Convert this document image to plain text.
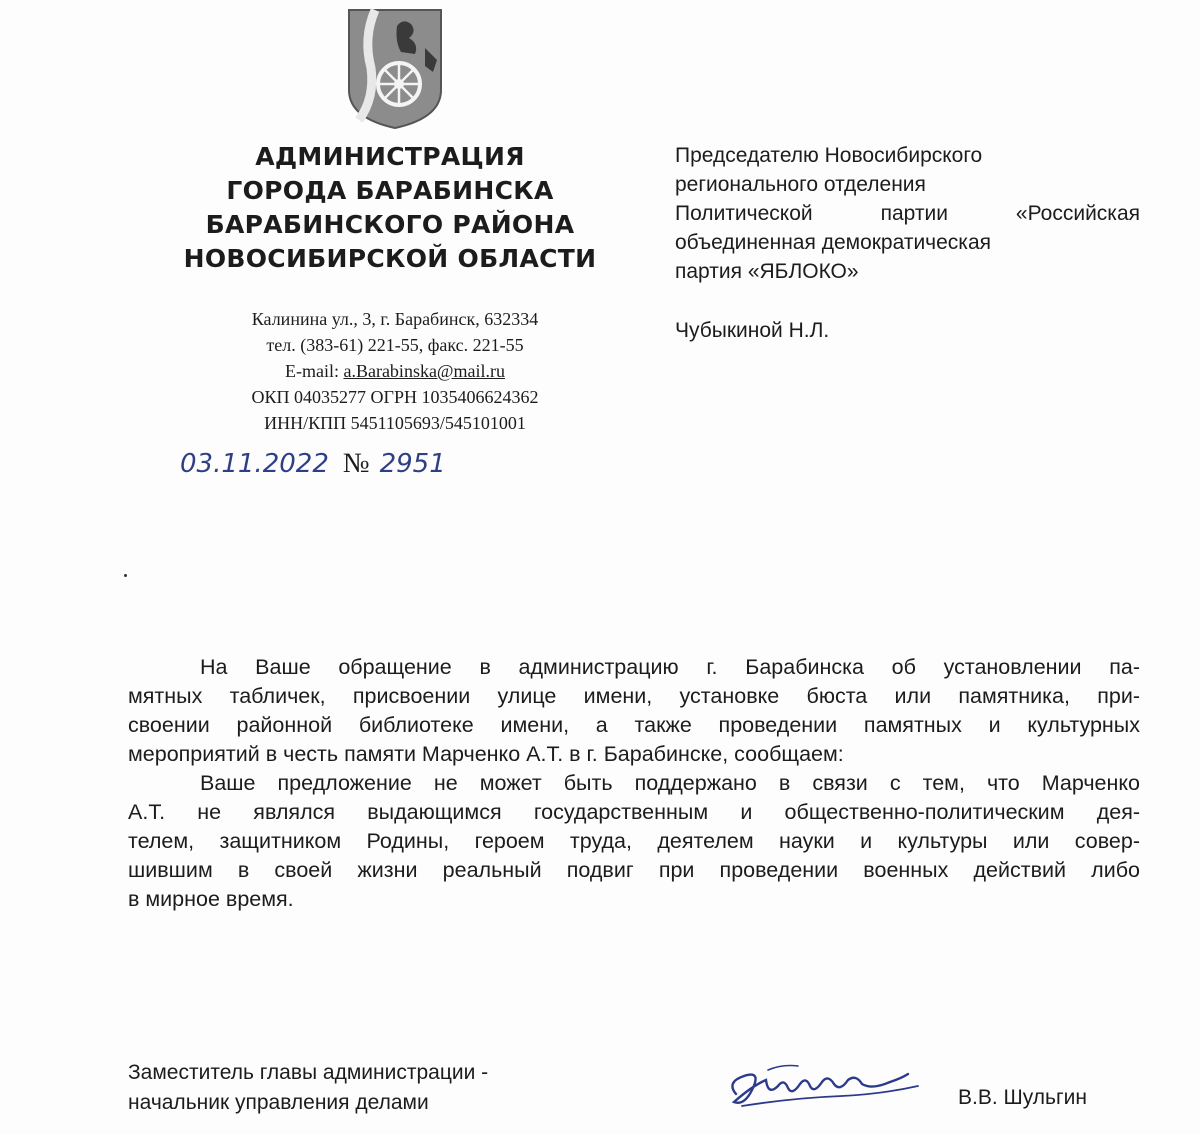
АДМИНИСТРАЦИЯ
ГОРОДА БАРАБИНСКА
БАРАБИНСКОГО РАЙОНА
НОВОСИБИРСКОЙ ОБЛАСТИ
Калинина ул., 3, г. Барабинск, 632334
тел. (383-61) 221-55, факс. 221-55
E-mail: a.Barabinska@mail.ru
ОКП 04035277 ОГРН 1035406624362
ИНН/КПП 5451105693/545101001
03.11.2022 № 2951
Председателю Новосибирского
регионального отделения
Политической партии «Российская
объединенная демократическая
партия «ЯБЛОКО»
Чубыкиной Н.Л.
На Ваше обращение в администрацию г. Барабинска об установлении па-
мятных табличек, присвоении улице имени, установке бюста или памятника, при-
своении районной библиотеке имени, а также проведении памятных и культурных
мероприятий в честь памяти Марченко А.Т. в г. Барабинске, сообщаем:
Ваше предложение не может быть поддержано в связи с тем, что Марченко
А.Т. не являлся выдающимся государственным и общественно-политическим дея-
телем, защитником Родины, героем труда, деятелем науки и культуры или совер-
шившим в своей жизни реальный подвиг при проведении военных действий либо
в мирное время.
Заместитель главы администрации -
начальник управления делами	В.В. Шульгин
